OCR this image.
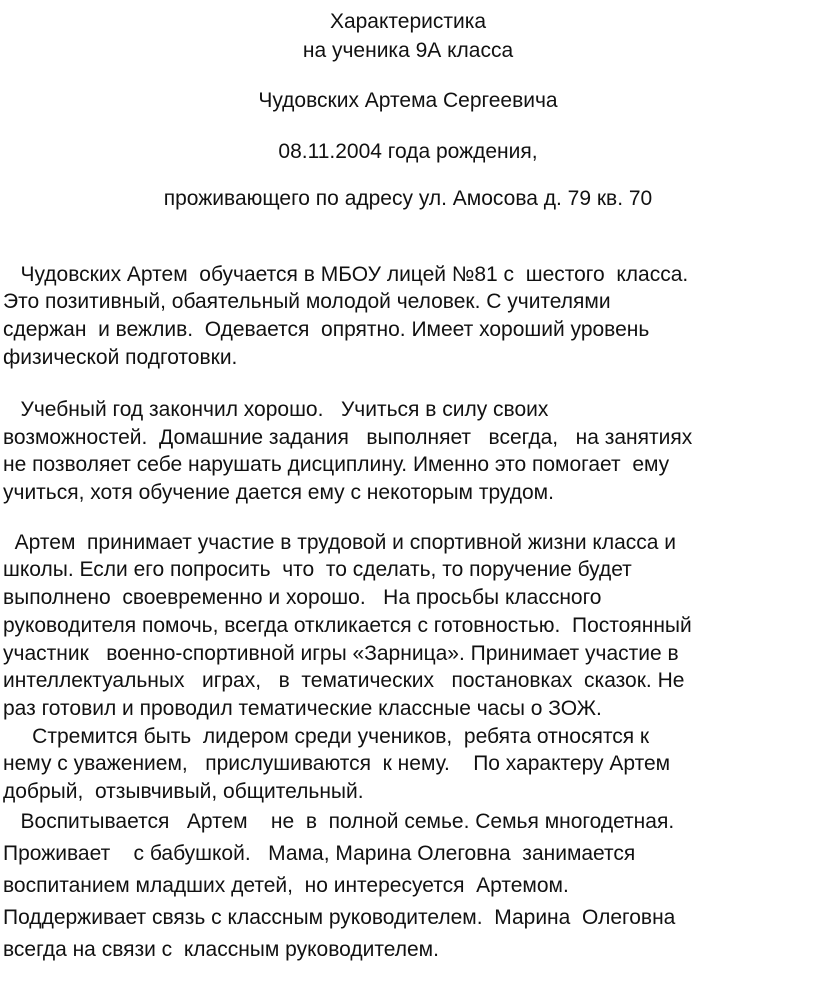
Характеристика
на ученика 9А класса
Чудовских Артема Сергеевича
08.11.2004 года рождения,
проживающего по адресу ул. Амосова д. 79 кв. 70
Чудовских Артем  обучается в МБОУ лицей №81 с  шестого  класса.
Это позитивный, обаятельный молодой человек. С учителями
сдержан  и вежлив.  Одевается  опрятно. Имеет хороший уровень
физической подготовки.
Учебный год закончил хорошо.   Учиться в силу своих
возможностей.  Домашние задания   выполняет   всегда,   на занятиях
не позволяет себе нарушать дисциплину. Именно это помогает  ему
учиться, хотя обучение дается ему с некоторым трудом.
Артем  принимает участие в трудовой и спортивной жизни класса и
школы. Если его попросить  что  то сделать, то поручение будет
выполнено  своевременно и хорошо.   На просьбы классного
руководителя помочь, всегда откликается с готовностью.  Постоянный
участник   военно-спортивной игры «Зарница». Принимает участие в
интеллектуальных   играх,   в  тематических   постановках  сказок. Не
раз готовил и проводил тематические классные часы о ЗОЖ.
Стремится быть  лидером среди учеников,  ребята относятся к
нему с уважением,   прислушиваются  к нему.    По характеру Артем
добрый,  отзывчивый, общительный.
Воспитывается   Артем    не  в  полной семье. Семья многодетная.
Проживает    с бабушкой.   Мама, Марина Олеговна  занимается
воспитанием младших детей,  но интересуется  Артемом.
Поддерживает связь с классным руководителем.  Марина  Олеговна
всегда на связи с  классным руководителем.
